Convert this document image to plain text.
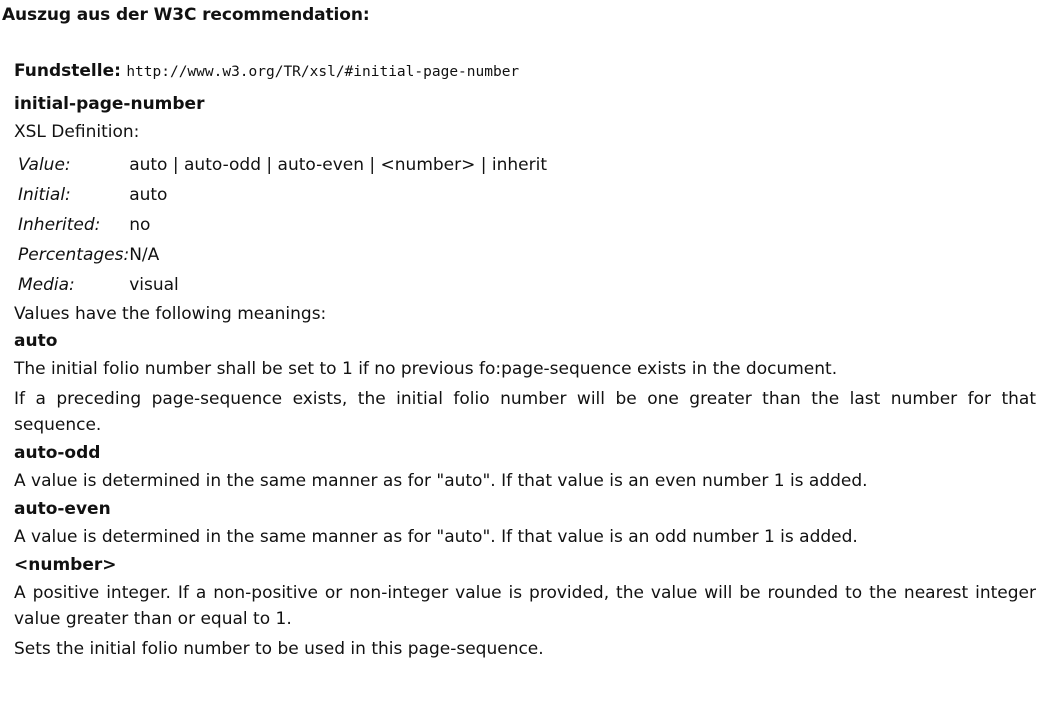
Auszug aus der W3C recommendation:
Fundstelle: http://www.w3.org/TR/xsl/#initial-page-number
initial-page-number
XSL Definition:
Value:	auto | auto-odd | auto-even | <number> | inherit
Initial:	auto
Inherited:	no
Percentages:	N/A
Media:	visual
Values have the following meanings:
auto
The initial folio number shall be set to 1 if no previous fo:page-sequence exists in the document.
If a preceding page-sequence exists, the initial folio number will be one greater than the last number for that sequence.
auto-odd
A value is determined in the same manner as for "auto". If that value is an even number 1 is added.
auto-even
A value is determined in the same manner as for "auto". If that value is an odd number 1 is added.
<number>
A positive integer. If a non-positive or non-integer value is provided, the value will be rounded to the nearest integer value greater than or equal to 1.
Sets the initial folio number to be used in this page-sequence.
